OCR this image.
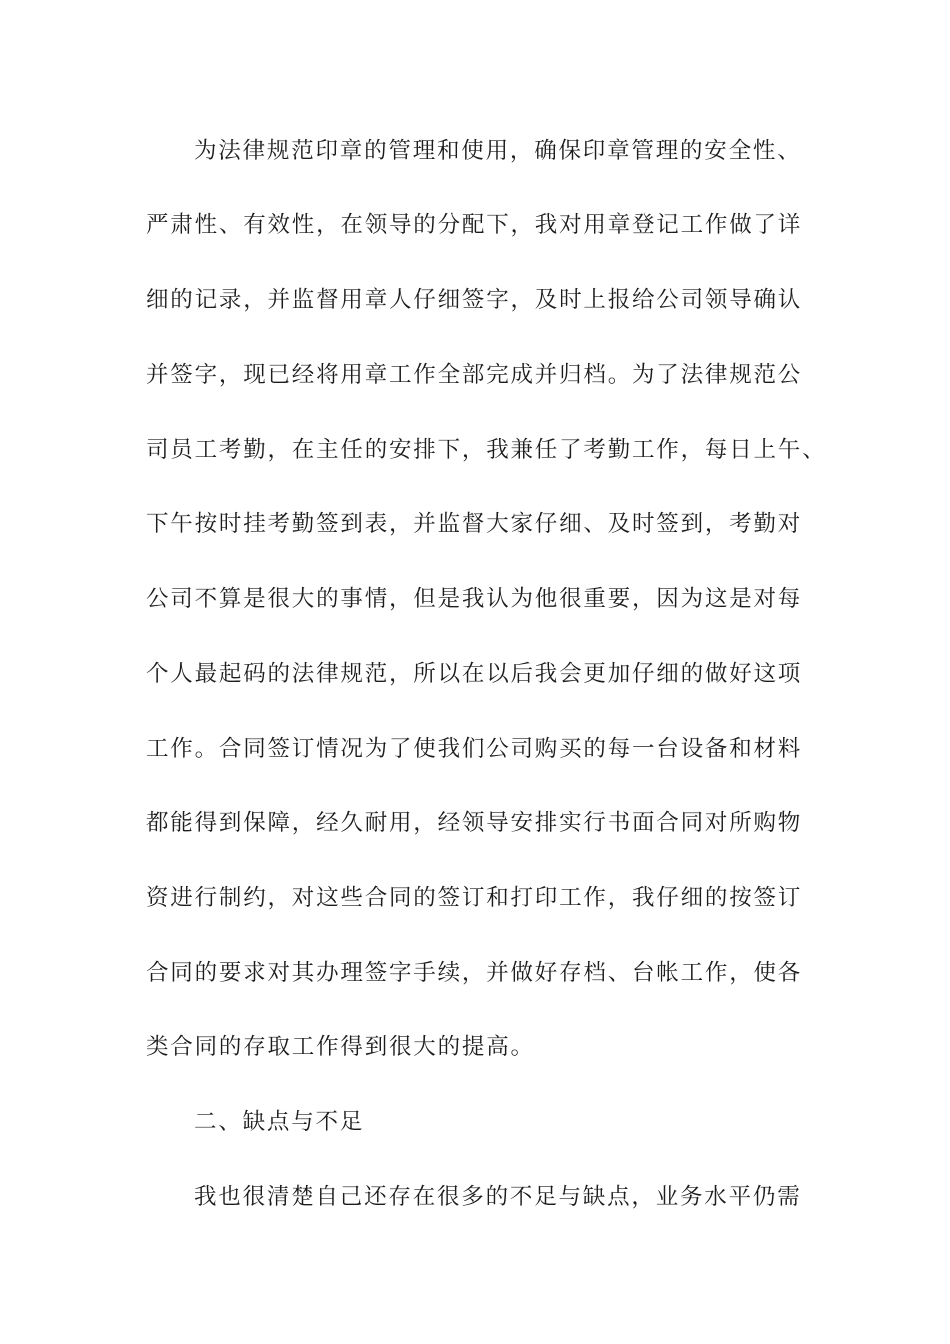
为法律规范印章的管理和使用，确保印章管理的安全性、
严肃性、有效性，在领导的分配下，我对用章登记工作做了详
细的记录，并监督用章人仔细签字，及时上报给公司领导确认
并签字，现已经将用章工作全部完成并归档。为了法律规范公
司员工考勤，在主任的安排下，我兼任了考勤工作，每日上午、
下午按时挂考勤签到表，并监督大家仔细、及时签到，考勤对
公司不算是很大的事情，但是我认为他很重要，因为这是对每
个人最起码的法律规范，所以在以后我会更加仔细的做好这项
工作。合同签订情况为了使我们公司购买的每一台设备和材料
都能得到保障，经久耐用，经领导安排实行书面合同对所购物
资进行制约，对这些合同的签订和打印工作，我仔细的按签订
合同的要求对其办理签字手续，并做好存档、台帐工作，使各
类合同的存取工作得到很大的提高。
二、缺点与不足
我也很清楚自己还存在很多的不足与缺点，业务水平仍需
